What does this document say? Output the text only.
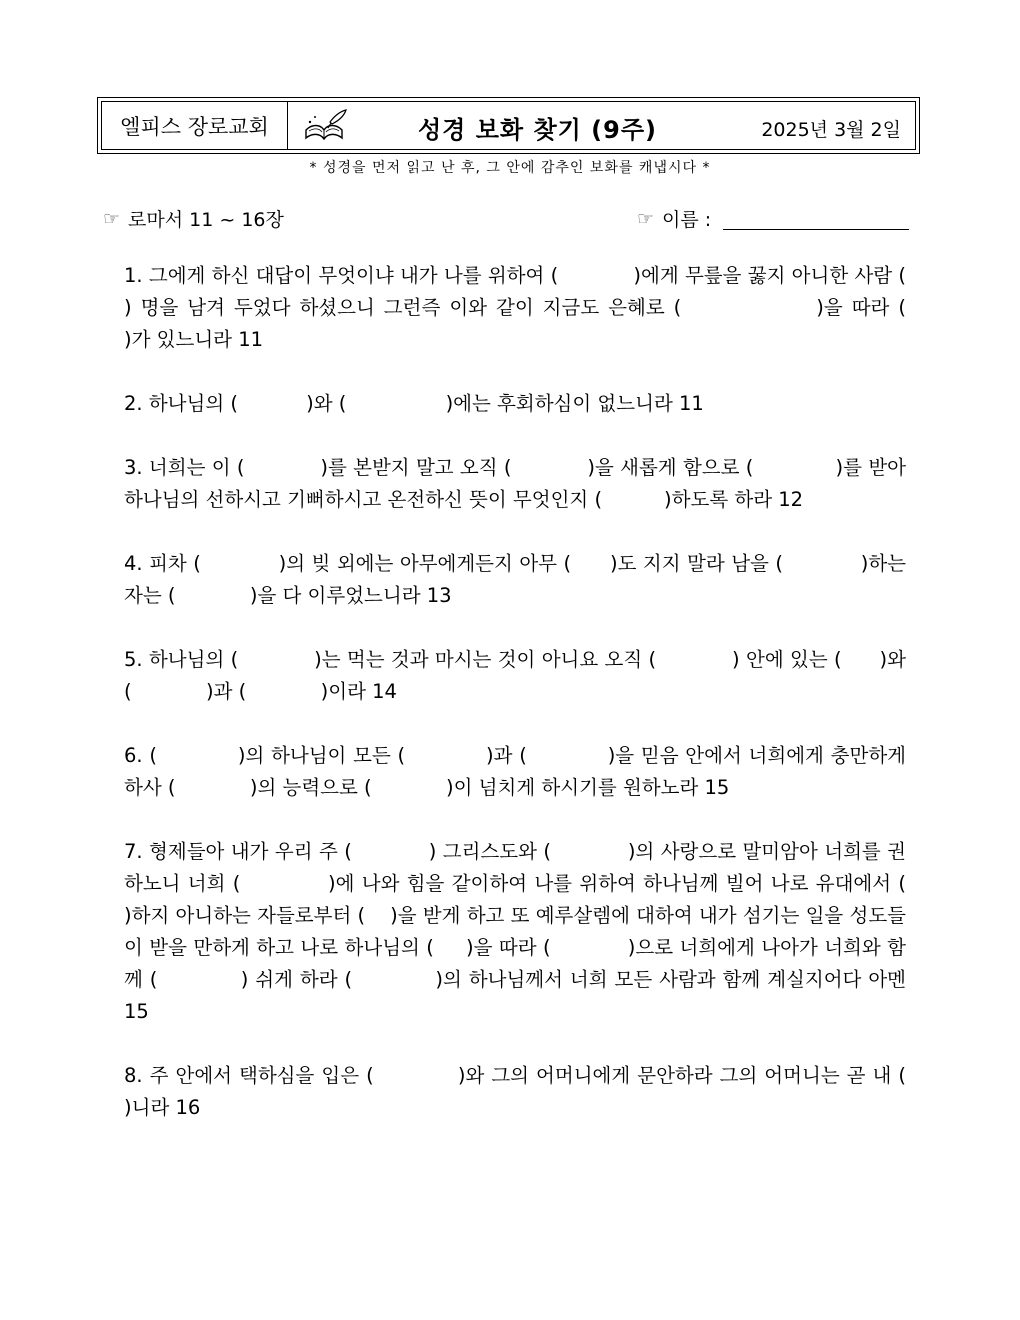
엘피스 장로교회	성경 보화 찾기 (9주)	2025년 3월 2일
* 성경을 먼저 읽고 난 후, 그 안에 감추인 보화를 캐냅시다 *
☞ 로마서 11 ~ 16장	☞ 이름 :

1. 그에게 하신 대답이 무엇이냐 내가 나를 위하여 (            )에게 무릎을 꿇지 아니한 사람 (           ) 명을 남겨 두었다 하셨으니 그런즉 이와 같이 지금도 은혜로 (               )을 따라 (                )가 있느니라 11

2. 하나님의 (           )와 (                )에는 후회하심이 없느니라 11

3. 너희는 이 (            )를 본받지 말고 오직 (            )을 새롭게 함으로 (             )를 받아 하나님의 선하시고 기뻐하시고 온전하신 뜻이 무엇인지 (          )하도록 하라 12

4. 피차 (            )의 빚 외에는 아무에게든지 아무 (      )도 지지 말라 남을 (            )하는 자는 (            )을 다 이루었느니라 13

5. 하나님의 (            )는 먹는 것과 마시는 것이 아니요 오직 (            ) 안에 있는 (      )와 (            )과 (            )이라 14

6. (            )의 하나님이 모든 (            )과 (            )을 믿음 안에서 너희에게 충만하게 하사 (            )의 능력으로 (            )이 넘치게 하시기를 원하노라 15

7. 형제들아 내가 우리 주 (            ) 그리스도와 (            )의 사랑으로 말미암아 너희를 권하노니 너희 (            )에 나와 힘을 같이하여 나를 위하여 하나님께 빌어 나로 유대에서 (                )하지 아니하는 자들로부터 (    )을 받게 하고 또 예루살렘에 대하여 내가 섬기는 일을 성도들이 받을 만하게 하고 나로 하나님의 (     )을 따라 (            )으로 너희에게 나아가 너희와 함께 (            ) 쉬게 하라 (            )의 하나님께서 너희 모든 사람과 함께 계실지어다 아멘 15

8. 주 안에서 택하심을 입은 (            )와 그의 어머니에게 문안하라 그의 어머니는 곧 내 (                )니라 16
